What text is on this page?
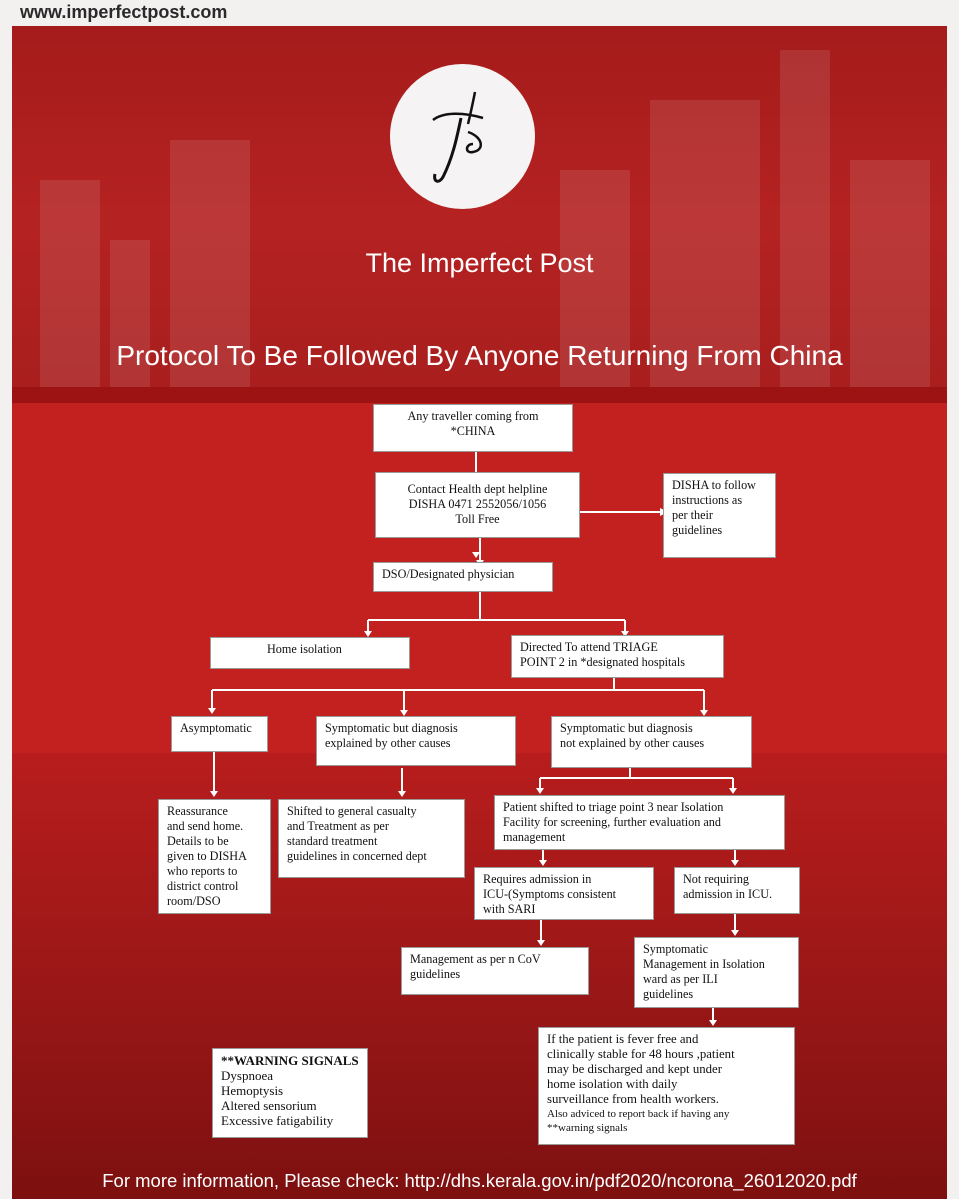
www.imperfectpost.com
The Imperfect Post
Protocol To Be Followed By Anyone Returning From China
Any traveller coming from
*CHINA
Contact Health dept helpline
DISHA 0471 2552056/1056
Toll Free
DISHA to follow
instructions as
per their
guidelines
DSO/Designated physician
Home isolation	Directed To attend TRIAGE
POINT 2 in *designated hospitals
Asymptomatic	Symptomatic but diagnosis
explained by other causes
Symptomatic but diagnosis
not explained by other causes
Reassurance
and send home.
Details to be
given to DISHA
who reports to
district control
room/DSO
Shifted to general casualty
and Treatment as per
standard treatment
guidelines in concerned dept
Patient shifted to triage point 3 near Isolation
Facility for screening, further evaluation and
management
Requires admission in
ICU-(Symptoms consistent
with SARI
Not requiring
admission in ICU.
Management as per n CoV
guidelines
Symptomatic
Management in Isolation
ward as per ILI
guidelines
If the patient is fever free and
clinically stable for 48 hours ,patient
may be discharged and kept under
home isolation with daily
surveillance from health workers.
Also adviced to report back if having any
**warning signals
**WARNING SIGNALS
Dyspnoea
Hemoptysis
Altered sensorium
Excessive fatigability
For more information, Please check: http://dhs.kerala.gov.in/pdf2020/ncorona_26012020.pdf
